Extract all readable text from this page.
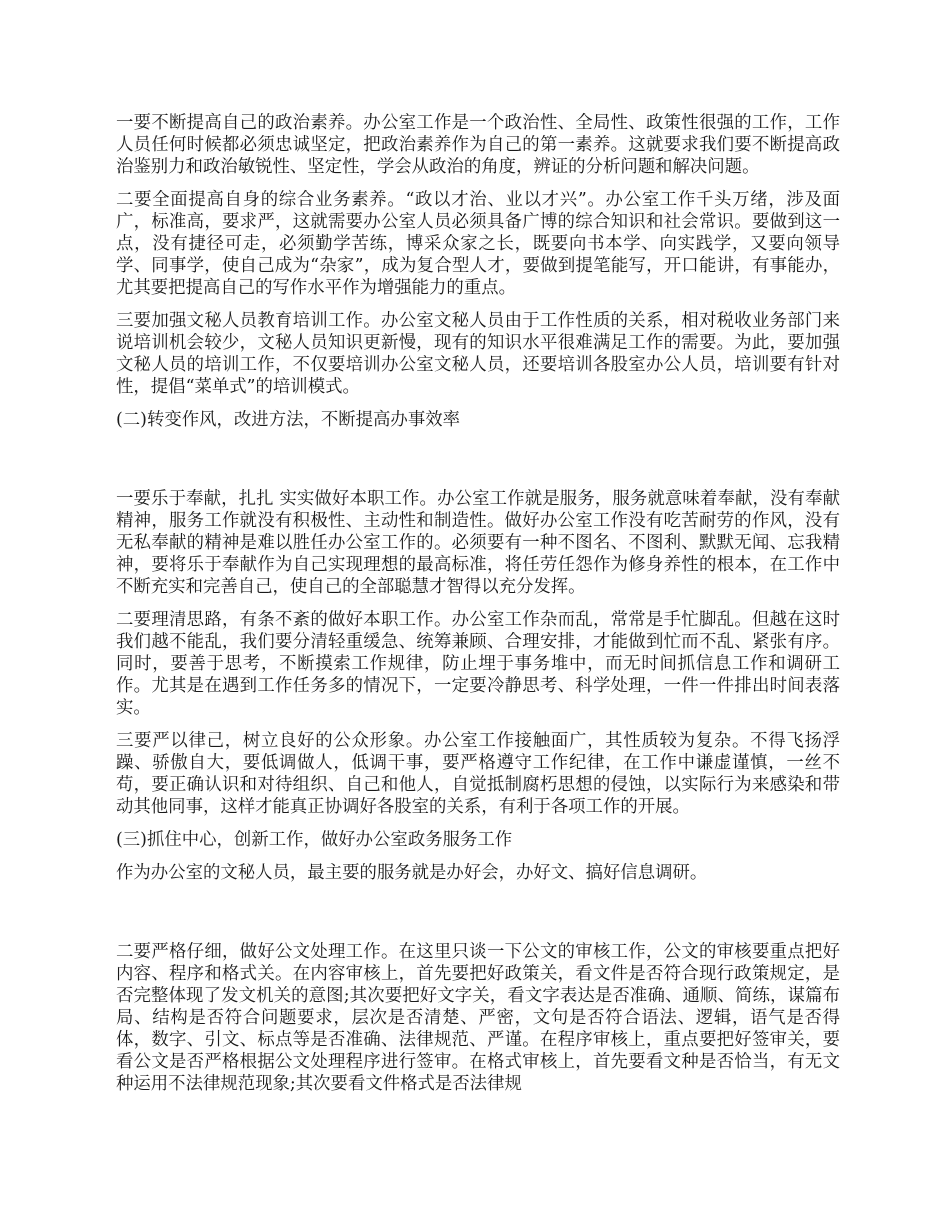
一要不断提高自己的政治素养。办公室工作是一个政治性、全局性、政策性很强的工作，工作人员任何时候都必须忠诚坚定，把政治素养作为自己的第一素养。这就要求我们要不断提高政治鉴别力和政治敏锐性、坚定性，学会从政治的角度，辨证的分析问题和解决问题。

二要全面提高自身的综合业务素养。“政以才治、业以才兴”。办公室工作千头万绪，涉及面广，标准高，要求严，这就需要办公室人员必须具备广博的综合知识和社会常识。要做到这一点，没有捷径可走，必须勤学苦练，博采众家之长，既要向书本学、向实践学，又要向领导学、同事学，使自己成为“杂家”，成为复合型人才，要做到提笔能写，开口能讲，有事能办，尤其要把提高自己的写作水平作为增强能力的重点。

三要加强文秘人员教育培训工作。办公室文秘人员由于工作性质的关系，相对税收业务部门来说培训机会较少，文秘人员知识更新慢，现有的知识水平很难满足工作的需要。为此，要加强文秘人员的培训工作，不仅要培训办公室文秘人员，还要培训各股室办公人员，培训要有针对性，提倡“菜单式”的培训模式。

(二)转变作风，改进方法，不断提高办事效率

一要乐于奉献，扎扎 实实做好本职工作。办公室工作就是服务，服务就意味着奉献，没有奉献精神，服务工作就没有积极性、主动性和制造性。做好办公室工作没有吃苦耐劳的作风，没有无私奉献的精神是难以胜任办公室工作的。必须要有一种不图名、不图利、默默无闻、忘我精神，要将乐于奉献作为自己实现理想的最高标准，将任劳任怨作为修身养性的根本，在工作中不断充实和完善自己，使自己的全部聪慧才智得以充分发挥。

二要理清思路，有条不紊的做好本职工作。办公室工作杂而乱，常常是手忙脚乱。但越在这时我们越不能乱，我们要分清轻重缓急、统筹兼顾、合理安排，才能做到忙而不乱、紧张有序。同时，要善于思考，不断摸索工作规律，防止埋于事务堆中，而无时间抓信息工作和调研工作。尤其是在遇到工作任务多的情况下，一定要冷静思考、科学处理，一件一件排出时间表落实。

三要严以律己，树立良好的公众形象。办公室工作接触面广，其性质较为复杂。不得飞扬浮躁、骄傲自大，要低调做人，低调干事，要严格遵守工作纪律，在工作中谦虚谨慎，一丝不苟，要正确认识和对待组织、自己和他人，自觉抵制腐朽思想的侵蚀，以实际行为来感染和带动其他同事，这样才能真正协调好各股室的关系，有利于各项工作的开展。

(三)抓住中心，创新工作，做好办公室政务服务工作

作为办公室的文秘人员，最主要的服务就是办好会，办好文、搞好信息调研。

二要严格仔细，做好公文处理工作。在这里只谈一下公文的审核工作，公文的审核要重点把好内容、程序和格式关。在内容审核上，首先要把好政策关，看文件是否符合现行政策规定，是否完整体现了发文机关的意图;其次要把好文字关，看文字表达是否准确、通顺、简练，谋篇布局、结构是否符合问题要求，层次是否清楚、严密，文句是否符合语法、逻辑，语气是否得体，数字、引文、标点等是否准确、法律规范、严谨。在程序审核上，重点要把好签审关，要看公文是否严格根据公文处理程序进行签审。在格式审核上，首先要看文种是否恰当，有无文种运用不法律规范现象;其次要看文件格式是否法律规
